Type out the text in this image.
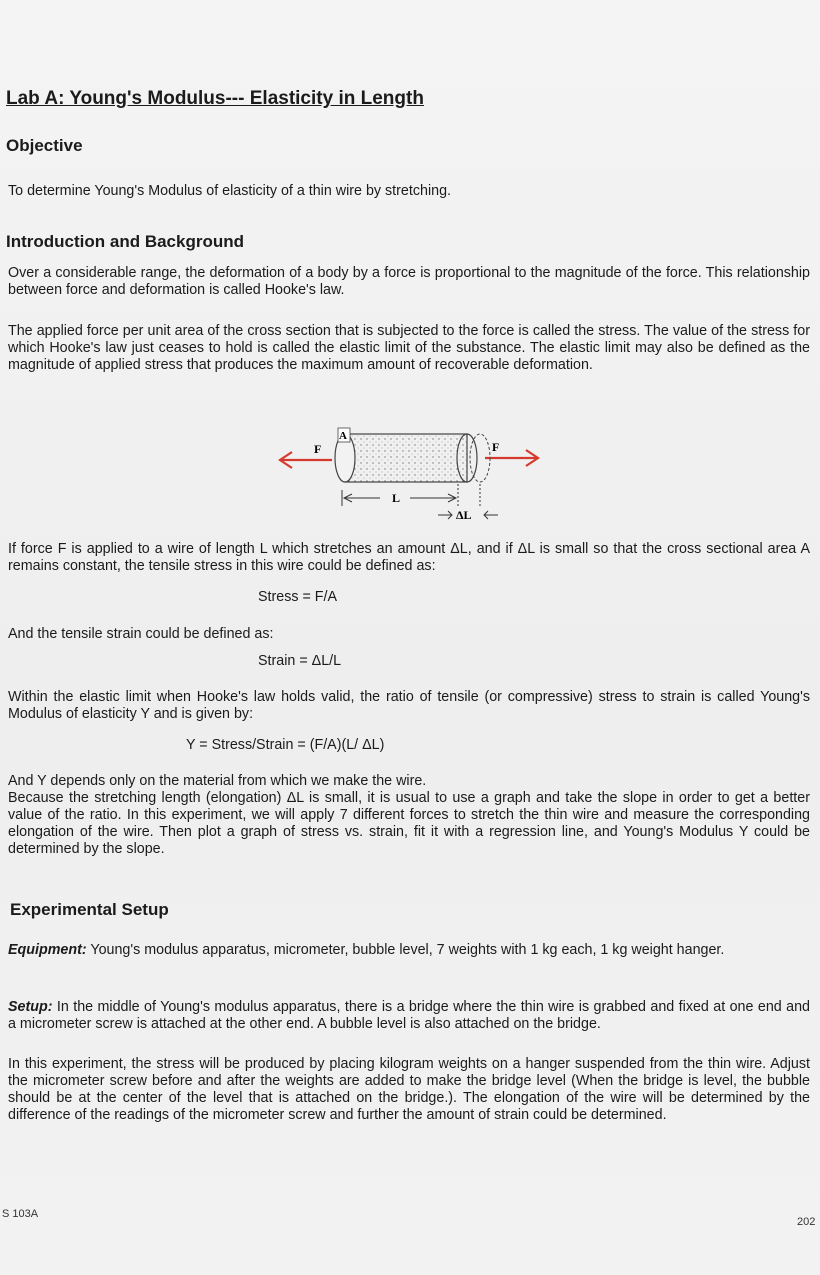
Lab A: Young's Modulus--- Elasticity in Length
Objective
To determine Young's Modulus of elasticity of a thin wire by stretching.
Introduction and Background
Over a considerable range, the deformation of a body by a force is proportional to the magnitude of the force. This relationship between force and deformation is called Hooke's law.
The applied force per unit area of the cross section that is subjected to the force is called the stress. The value of the stress for which Hooke's law just ceases to hold is called the elastic limit of the substance. The elastic limit may also be defined as the magnitude of applied stress that produces the maximum amount of recoverable deformation.
F	F
A
L
ΔL
If force F is applied to a wire of length L which stretches an amount ΔL, and if ΔL is small so that the cross sectional area A remains constant, the tensile stress in this wire could be defined as:
Stress = F/A
And the tensile strain could be defined as:
Strain = ΔL/L
Within the elastic limit when Hooke's law holds valid, the ratio of tensile (or compressive) stress to strain is called Young's Modulus of elasticity Y and is given by:
Y = Stress/Strain = (F/A)(L/ ΔL)
And Y depends only on the material from which we make the wire.
Because the stretching length (elongation) ΔL is small, it is usual to use a graph and take the slope in order to get a better value of the ratio. In this experiment, we will apply 7 different forces to stretch the thin wire and measure the corresponding elongation of the wire. Then plot a graph of stress vs. strain, fit it with a regression line, and Young's Modulus Y could be determined by the slope.
Experimental Setup
Equipment: Young's modulus apparatus, micrometer, bubble level, 7 weights with 1 kg each, 1 kg weight hanger.
Setup: In the middle of Young's modulus apparatus, there is a bridge where the thin wire is grabbed and fixed at one end and a micrometer screw is attached at the other end. A bubble level is also attached on the bridge.
In this experiment, the stress will be produced by placing kilogram weights on a hanger suspended from the thin wire. Adjust the micrometer screw before and after the weights are added to make the bridge level (When the bridge is level, the bubble should be at the center of the level that is attached on the bridge.). The elongation of the wire will be determined by the difference of the readings of the micrometer screw and further the amount of strain could be determined.
S 103A
202
